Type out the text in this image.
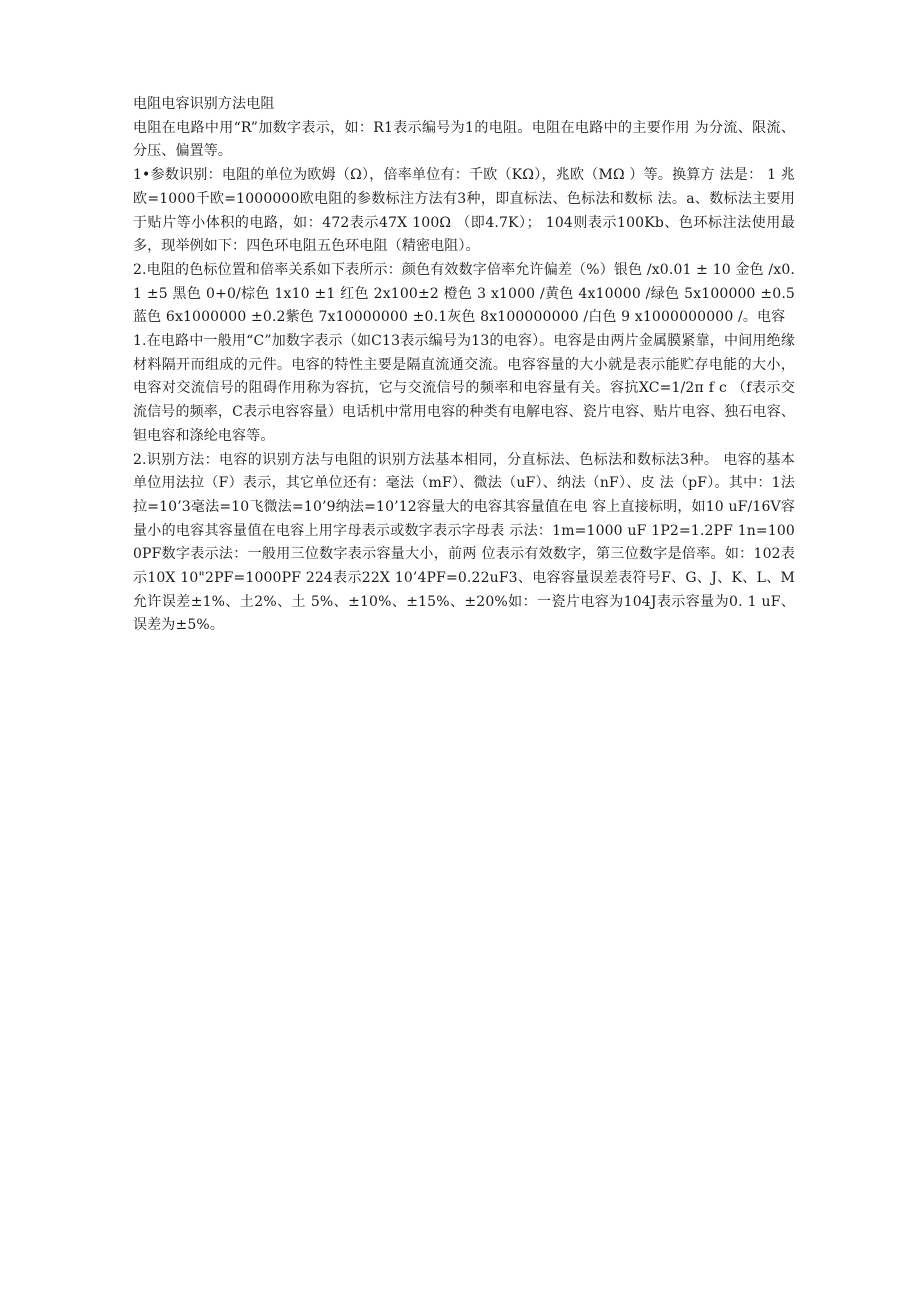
电阻电容识别方法电阻

电阻在电路中用“R”加数字表示，如：R1表示编号为1的电阻。电阻在电路中的主要作用 为分流、限流、分压、偏置等。

1•参数识别：电阻的单位为欧姆（Ω），倍率单位有：千欧（KΩ），兆欧（MΩ ）等。换算方 法是： 1 兆欧=1000千欧=1000000欧电阻的参数标注方法有3种，即直标法、色标法和数标 法。a、数标法主要用于贴片等小体积的电路，如：472表示47X 100Ω （即4.7K）； 104则表示100Kb、色环标注法使用最多，现举例如下：四色环电阻五色环电阻（精密电阻）。

2.电阻的色标位置和倍率关系如下表所示：颜色有效数字倍率允许偏差（%）银色 /x0.01 ± 10 金色 /x0.1 ±5 黑色 0+0/棕色 1x10 ±1 红色 2x100±2 橙色 3 x1000 /黄色 4x10000 /绿色 5x100000 ±0.5蓝色 6x1000000 ±0.2紫色 7x10000000 ±0.1灰色 8x100000000 /白色 9 x1000000000 /。电容

1.在电路中一般用“C”加数字表示（如C13表示编号为13的电容）。电容是由两片金属膜紧靠，中间用绝缘材料隔开而组成的元件。电容的特性主要是隔直流通交流。电容容量的大小就是表示能贮存电能的大小，电容对交流信号的阻碍作用称为容抗，它与交流信号的频率和电容量有关。容抗XC=1/2π f c （f表示交流信号的频率，C表示电容容量）电话机中常用电容的种类有电解电容、瓷片电容、贴片电容、独石电容、钽电容和涤纶电容等。

2.识别方法：电容的识别方法与电阻的识别方法基本相同，分直标法、色标法和数标法3种。 电容的基本单位用法拉（F）表示，其它单位还有：毫法（mF）、微法（uF）、纳法（nF）、皮 法（pF）。其中：1法拉=10’3毫法=10飞微法=10’9纳法=10’12容量大的电容其容量值在电 容上直接标明，如10 uF/16V容量小的电容其容量值在电容上用字母表示或数字表示字母表 示法：1m=1000 uF 1P2=1.2PF 1n=1000PF数字表示法：一般用三位数字表示容量大小，前两 位表示有效数字，第三位数字是倍率。如：102表示10X 10"2PF=1000PF 224表示22X 10’4PF=0.22uF3、电容容量误差表符号F、G、J、K、L、M允许误差±1%、土2%、土 5%、±10%、±15%、±20%如：一瓷片电容为104J表示容量为0. 1 uF、误差为±5%。
